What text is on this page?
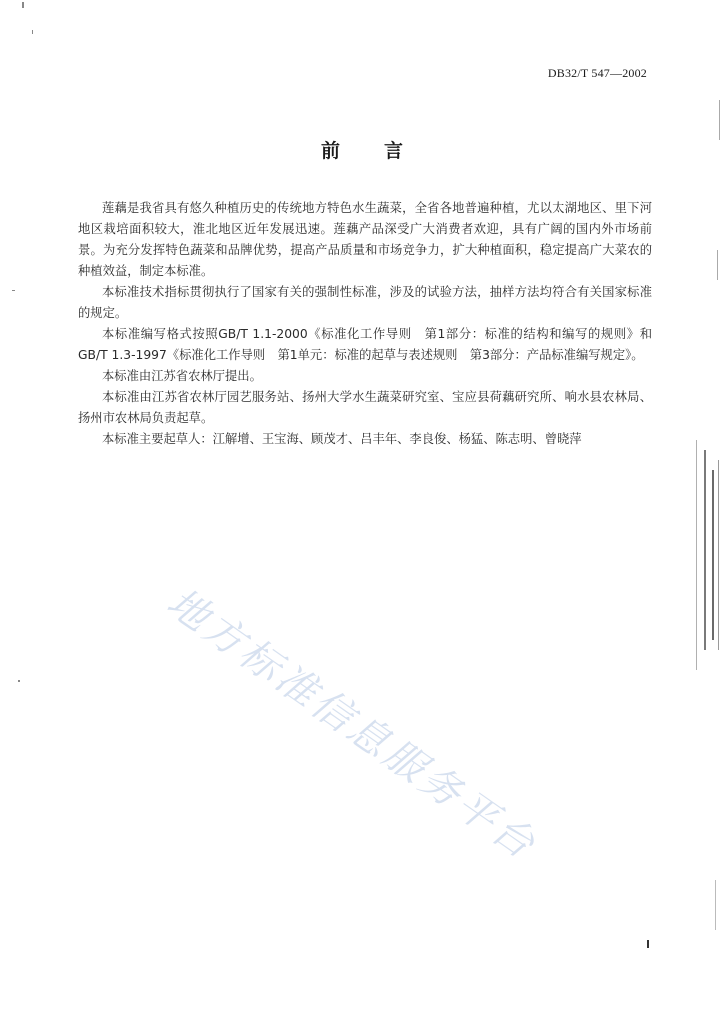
DB32/T 547—2002
前 言

莲藕是我省具有悠久种植历史的传统地方特色水生蔬菜，全省各地普遍种植，尤以太湖地区、里下河地区栽培面积较大，淮北地区近年发展迅速。莲藕产品深受广大消费者欢迎，具有广阔的国内外市场前景。为充分发挥特色蔬菜和品牌优势，提高产品质量和市场竞争力，扩大种植面积，稳定提高广大菜农的种植效益，制定本标准。

本标准技术指标贯彻执行了国家有关的强制性标准，涉及的试验方法，抽样方法均符合有关国家标准的规定。

本标准编写格式按照GB/T 1.1-2000《标准化工作导则　第1部分：标准的结构和编写的规则》和GB/T 1.3-1997《标准化工作导则　第1单元：标准的起草与表述规则　第3部分：产品标准编写规定》。

本标准由江苏省农林厅提出。

本标准由江苏省农林厅园艺服务站、扬州大学水生蔬菜研究室、宝应县荷藕研究所、响水县农林局、扬州市农林局负责起草。

本标准主要起草人：江解增、王宝海、顾茂才、吕丰年、李良俊、杨猛、陈志明、曾晓萍

地方标准信息服务平台
